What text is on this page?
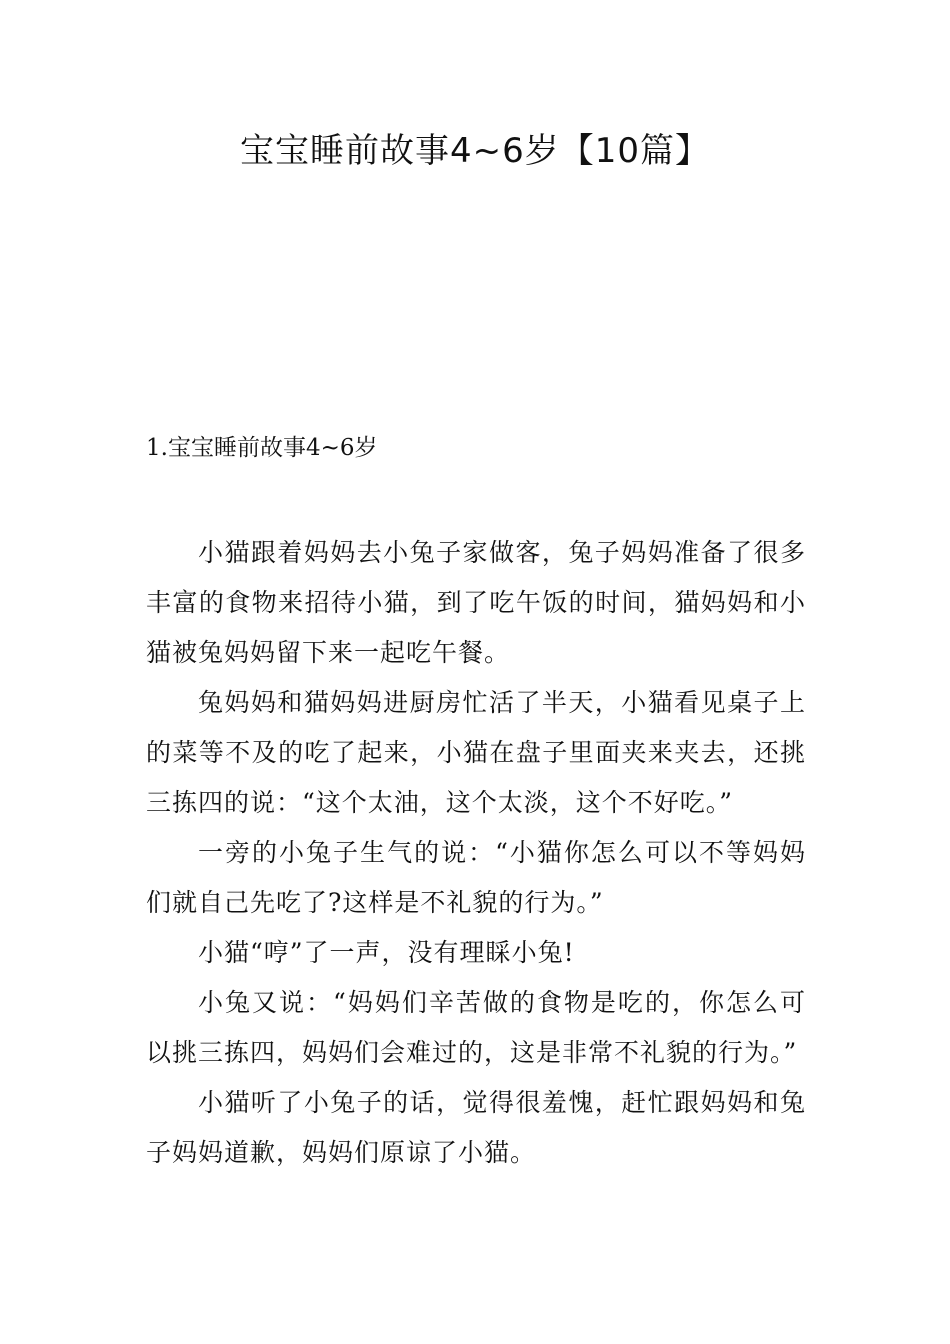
宝宝睡前故事4~6岁【10篇】
1.宝宝睡前故事4~6岁

小猫跟着妈妈去小兔子家做客，兔子妈妈准备了很多丰富的食物来招待小猫，到了吃午饭的时间，猫妈妈和小猫被兔妈妈留下来一起吃午餐。

兔妈妈和猫妈妈进厨房忙活了半天，小猫看见桌子上的菜等不及的吃了起来，小猫在盘子里面夹来夹去，还挑三拣四的说：“这个太油，这个太淡，这个不好吃。”

一旁的小兔子生气的说：“小猫你怎么可以不等妈妈们就自己先吃了?这样是不礼貌的行为。”

小猫“哼”了一声，没有理睬小兔!

小兔又说：“妈妈们辛苦做的食物是吃的，你怎么可以挑三拣四，妈妈们会难过的，这是非常不礼貌的行为。”

小猫听了小兔子的话，觉得很羞愧，赶忙跟妈妈和兔子妈妈道歉，妈妈们原谅了小猫。
